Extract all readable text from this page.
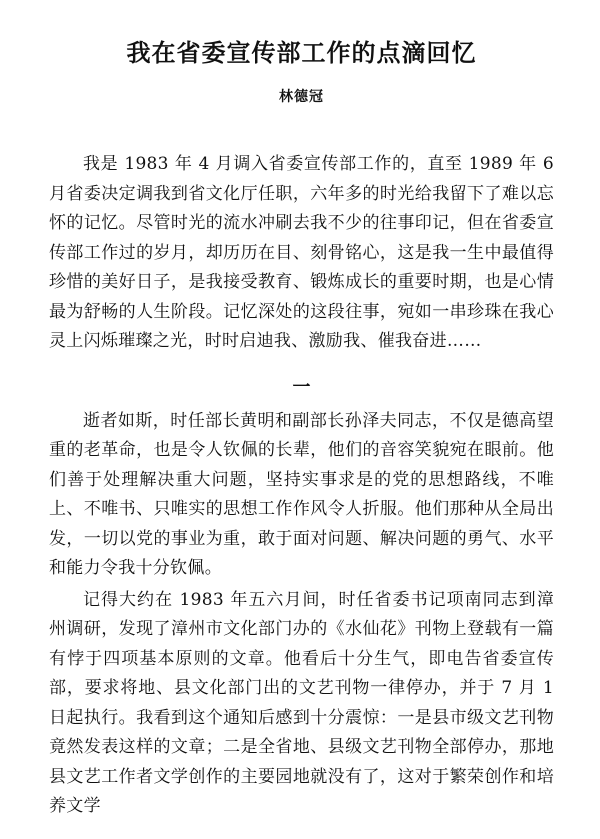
我在省委宣传部工作的点滴回忆
林德冠

我是 1983 年 4 月调入省委宣传部工作的，直至 1989 年 6 月省委决定调我到省文化厅任职，六年多的时光给我留下了难以忘怀的记忆。尽管时光的流水冲刷去我不少的往事印记，但在省委宣传部工作过的岁月，却历历在目、刻骨铭心，这是我一生中最值得珍惜的美好日子，是我接受教育、锻炼成长的重要时期，也是心情最为舒畅的人生阶段。记忆深处的这段往事，宛如一串珍珠在我心灵上闪烁璀璨之光，时时启迪我、激励我、催我奋进……

一

逝者如斯，时任部长黄明和副部长孙泽夫同志，不仅是德高望重的老革命，也是令人钦佩的长辈，他们的音容笑貌宛在眼前。他们善于处理解决重大问题，坚持实事求是的党的思想路线，不唯上、不唯书、只唯实的思想工作作风令人折服。他们那种从全局出发，一切以党的事业为重，敢于面对问题、解决问题的勇气、水平和能力令我十分钦佩。

记得大约在 1983 年五六月间，时任省委书记项南同志到漳州调研，发现了漳州市文化部门办的《水仙花》刊物上登载有一篇有悖于四项基本原则的文章。他看后十分生气，即电告省委宣传部，要求将地、县文化部门出的文艺刊物一律停办，并于 7 月 1 日起执行。我看到这个通知后感到十分震惊：一是县市级文艺刊物竟然发表这样的文章；二是全省地、县级文艺刊物全部停办，那地县文艺工作者文学创作的主要园地就没有了，这对于繁荣创作和培养文学
